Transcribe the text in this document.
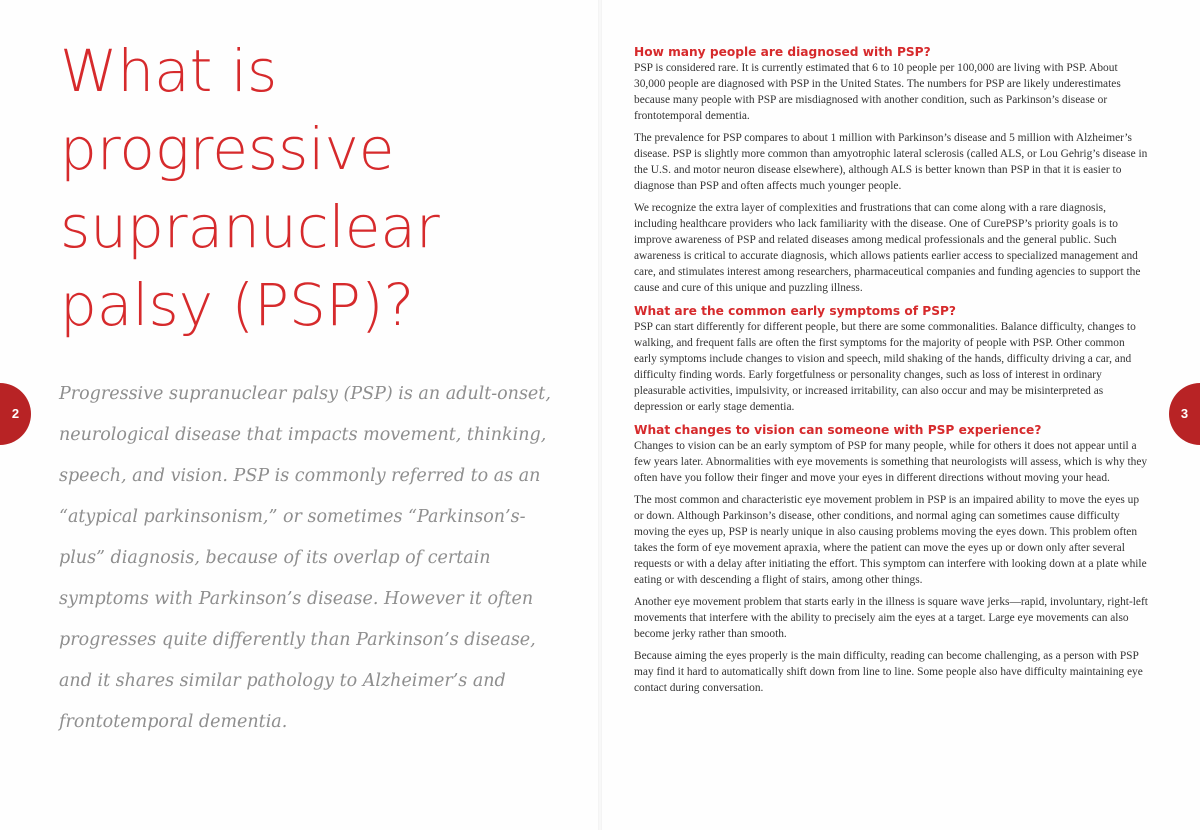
What is
progressive
supranuclear
palsy (PSP)?

Progressive supranuclear palsy (PSP) is an adult-onset, neurological disease that impacts movement, thinking, speech, and vision. PSP is commonly referred to as an “atypical parkinsonism,” or sometimes “Parkinson’s-plus” diagnosis, because of its overlap of certain symptoms with Parkinson’s disease. However it often progresses quite differently than Parkinson’s disease, and it shares similar pathology to Alzheimer’s and frontotemporal dementia.

2	3
How many people are diagnosed with PSP?

PSP is considered rare. It is currently estimated that 6 to 10 people per 100,000 are living with PSP. About 30,000 people are diagnosed with PSP in the United States. The numbers for PSP are likely underestimates because many people with PSP are misdiagnosed with another condition, such as Parkinson’s disease or frontotemporal dementia.

The prevalence for PSP compares to about 1 million with Parkinson’s disease and 5 million with Alzheimer’s disease. PSP is slightly more common than amyotrophic lateral sclerosis (called ALS, or Lou Gehrig’s disease in the U.S. and motor neuron disease elsewhere), although ALS is better known than PSP in that it is easier to diagnose than PSP and often affects much younger people.

We recognize the extra layer of complexities and frustrations that can come along with a rare diagnosis, including healthcare providers who lack familiarity with the disease. One of CurePSP’s priority goals is to improve awareness of PSP and related diseases among medical professionals and the general public. Such awareness is critical to accurate diagnosis, which allows patients earlier access to specialized management and care, and stimulates interest among researchers, pharmaceutical companies and funding agencies to support the cause and cure of this unique and puzzling illness.

What are the common early symptoms of PSP?

PSP can start differently for different people, but there are some commonalities. Balance difficulty, changes to walking, and frequent falls are often the first symptoms for the majority of people with PSP. Other common early symptoms include changes to vision and speech, mild shaking of the hands, difficulty driving a car, and difficulty finding words. Early forgetfulness or personality changes, such as loss of interest in ordinary pleasurable activities, impulsivity, or increased irritability, can also occur and may be misinterpreted as depression or early stage dementia.

What changes to vision can someone with PSP experience?

Changes to vision can be an early symptom of PSP for many people, while for others it does not appear until a few years later. Abnormalities with eye movements is something that neurologists will assess, which is why they often have you follow their finger and move your eyes in different directions without moving your head.

The most common and characteristic eye movement problem in PSP is an impaired ability to move the eyes up or down. Although Parkinson’s disease, other conditions, and normal aging can sometimes cause difficulty moving the eyes up, PSP is nearly unique in also causing problems moving the eyes down. This problem often takes the form of eye movement apraxia, where the patient can move the eyes up or down only after several requests or with a delay after initiating the effort. This symptom can interfere with looking down at a plate while eating or with descending a flight of stairs, among other things.

Another eye movement problem that starts early in the illness is square wave jerks—rapid, involuntary, right-left movements that interfere with the ability to precisely aim the eyes at a target. Large eye movements can also become jerky rather than smooth.

Because aiming the eyes properly is the main difficulty, reading can become challenging, as a person with PSP may find it hard to automatically shift down from line to line. Some people also have difficulty maintaining eye contact during conversation.
